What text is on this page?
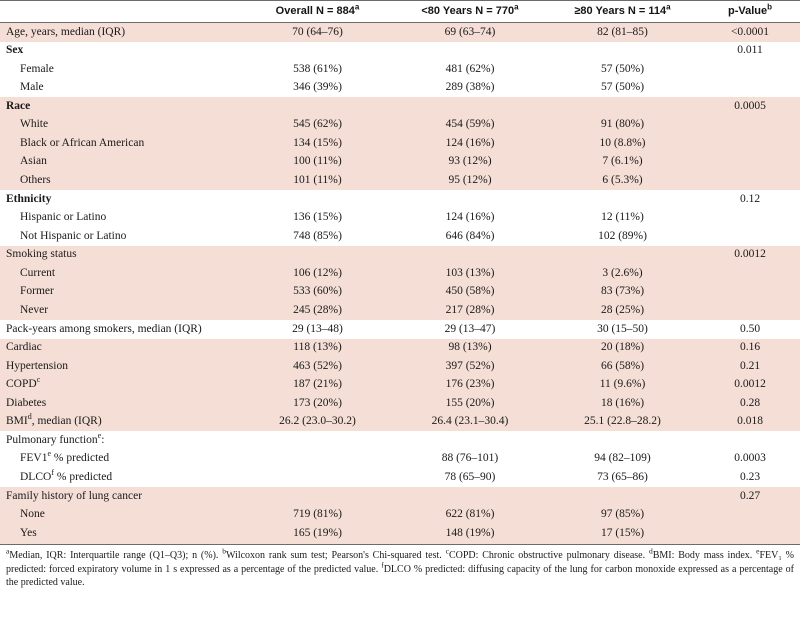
	Overall $N = 884^a$	<80 Years $N = 770^a$	≥80 Years $N = 114^a$	p-Value$^b$
Age, years, median (IQR)	70 (64–76)	69 (63–74)	82 (81–85)	<0.0001
Sex				0.011
Female	538 (61%)	481 (62%)	57 (50%)	
Male	346 (39%)	289 (38%)	57 (50%)	
Race				0.0005
White	545 (62%)	454 (59%)	91 (80%)	
Black or African American	134 (15%)	124 (16%)	10 (8.8%)	
Asian	100 (11%)	93 (12%)	7 (6.1%)	
Others	101 (11%)	95 (12%)	6 (5.3%)	
Ethnicity				0.12
Hispanic or Latino	136 (15%)	124 (16%)	12 (11%)	
Not Hispanic or Latino	748 (85%)	646 (84%)	102 (89%)	
Smoking status				0.0012
Current	106 (12%)	103 (13%)	3 (2.6%)	
Former	533 (60%)	450 (58%)	83 (73%)	
Never	245 (28%)	217 (28%)	28 (25%)	
Pack-years among smokers, median (IQR)	29 (13–48)	29 (13–47)	30 (15–50)	0.50
Cardiac	118 (13%)	98 (13%)	20 (18%)	0.16
Hypertension	463 (52%)	397 (52%)	66 (58%)	0.21
COPD$^c$	187 (21%)	176 (23%)	11 (9.6%)	0.0012
Diabetes	173 (20%)	155 (20%)	18 (16%)	0.28
BMI$^d$, median (IQR)	26.2 (23.0–30.2)	26.4 (23.1–30.4)	25.1 (22.8–28.2)	0.018
Pulmonary function$^e$:				
FEV1e % predicted		88 (76–101)	94 (82–109)	0.0003
DLCO$^f$ % predicted		78 (65–90)	73 (65–86)	0.23
Family history of lung cancer				0.27
None	719 (81%)	622 (81%)	97 (85%)	
Yes	165 (19%)	148 (19%)	17 (15%)	
$^a$Median, IQR: Interquartile range (Q1–Q3); n (%). $^b$Wilcoxon rank sum test; Pearson's Chi-squared test. $^c$COPD: Chronic obstructive pulmonary disease. $^d$BMI: Body mass index. $^e$FEV₁ % predicted: forced expiratory volume in 1 s expressed as a percentage of the predicted value. $^f$DLCO % predicted: diffusing capacity of the lung for carbon monoxide expressed as a percentage of the predicted value.
